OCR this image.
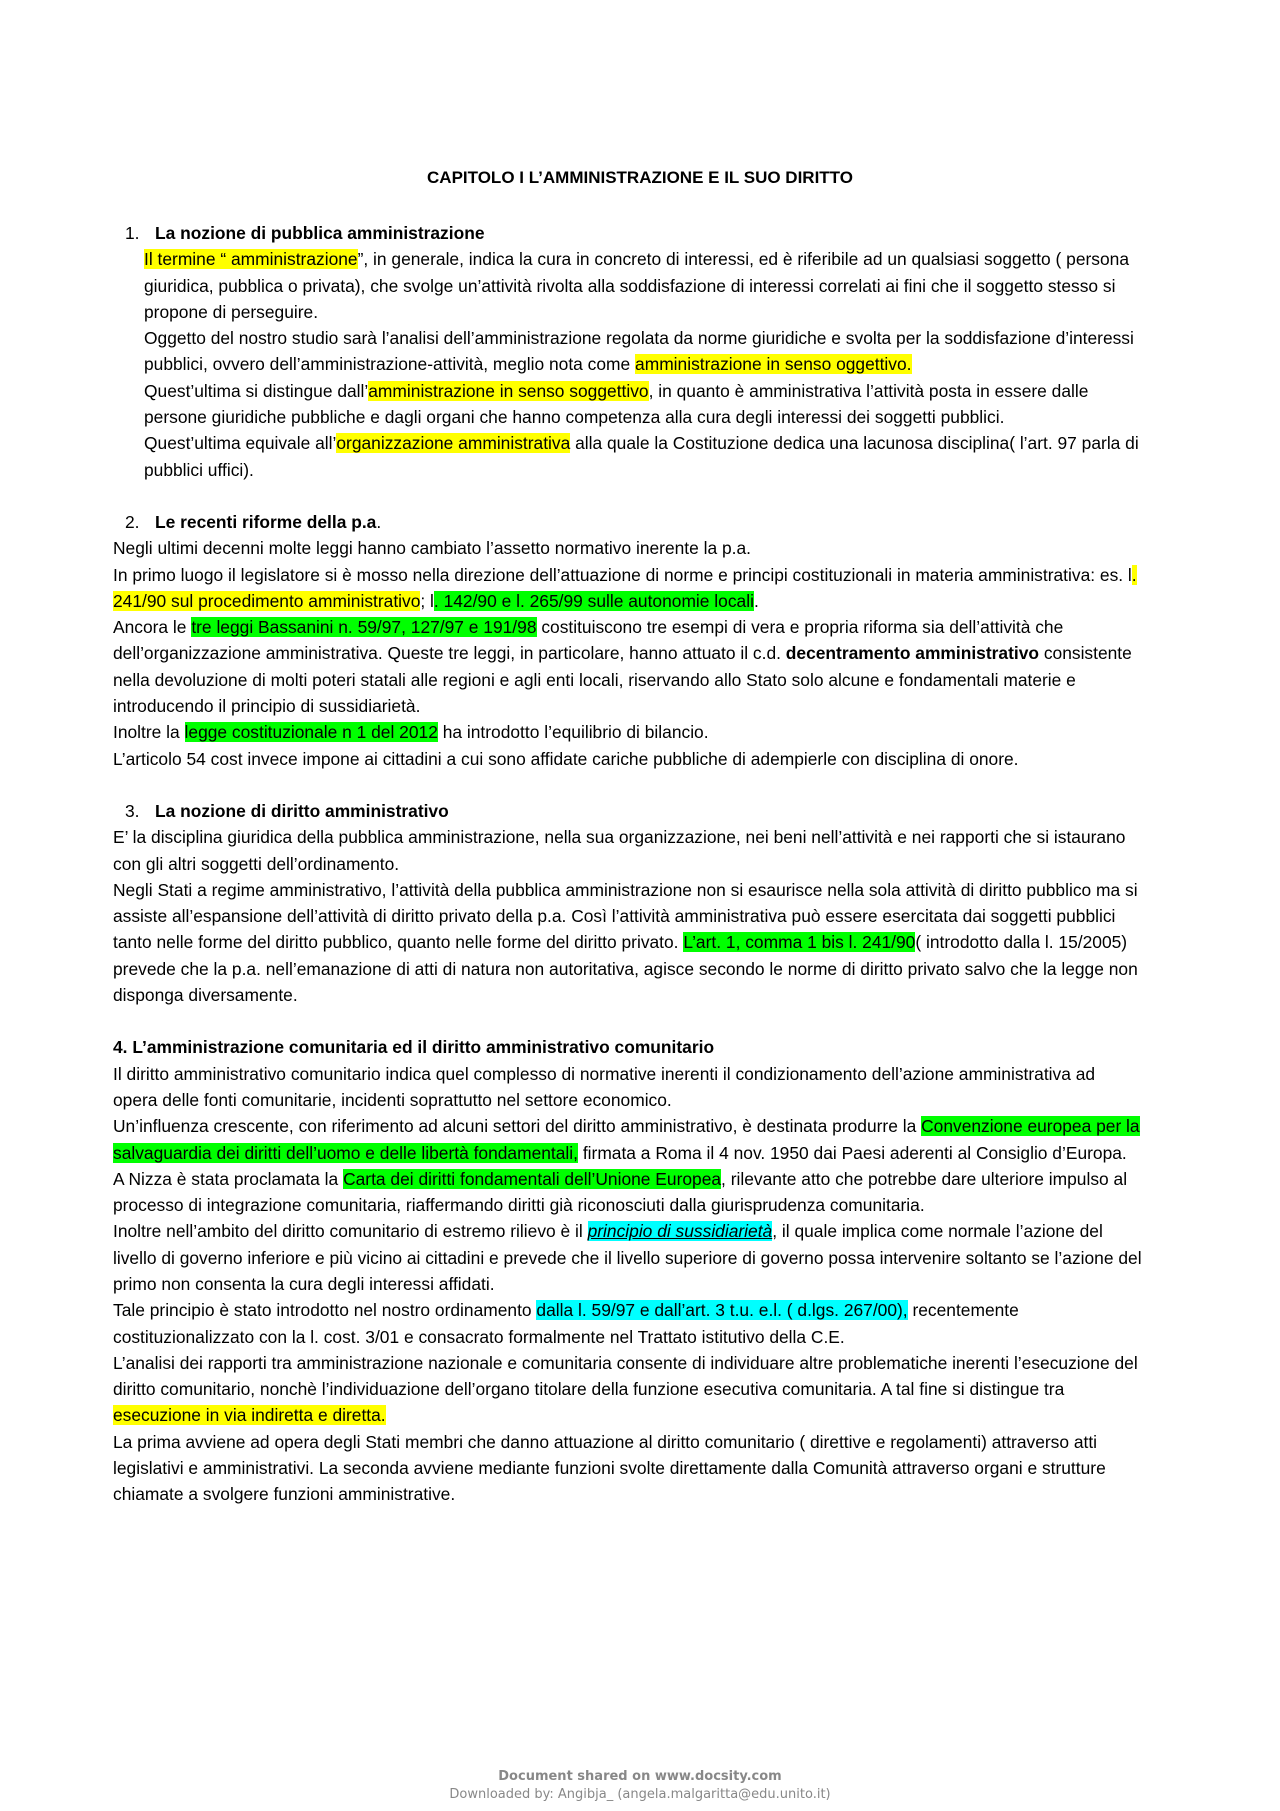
CAPITOLO I L’AMMINISTRAZIONE E IL SUO DIRITTO

1. La nozione di pubblica amministrazione

Il termine “ amministrazione”, in generale, indica la cura in concreto di interessi, ed è riferibile ad un qualsiasi soggetto ( persona giuridica, pubblica o privata), che svolge un’attività rivolta alla soddisfazione di interessi correlati ai fini che il soggetto stesso si propone di perseguire.

Oggetto del nostro studio sarà l’analisi dell’amministrazione regolata da norme giuridiche e svolta per la soddisfazione d’interessi pubblici, ovvero dell’amministrazione-attività, meglio nota come amministrazione in senso oggettivo.

Quest’ultima si distingue dall’amministrazione in senso soggettivo, in quanto è amministrativa l’attività posta in essere dalle persone giuridiche pubbliche e dagli organi che hanno competenza alla cura degli interessi dei soggetti pubblici.

Quest’ultima equivale all’organizzazione amministrativa alla quale la Costituzione dedica una lacunosa disciplina( l’art. 97 parla di pubblici uffici).

2. Le recenti riforme della p.a.

Negli ultimi decenni molte leggi hanno cambiato l’assetto normativo inerente la p.a.

In primo luogo il legislatore si è mosso nella direzione dell’attuazione di norme e principi costituzionali in materia amministrativa: es. l. 241/90 sul procedimento amministrativo; l. 142/90 e l. 265/99 sulle autonomie locali.

Ancora le tre leggi Bassanini n. 59/97, 127/97 e 191/98 costituiscono tre esempi di vera e propria riforma sia dell’attività che dell’organizzazione amministrativa. Queste tre leggi, in particolare, hanno attuato il c.d. decentramento amministrativo consistente nella devoluzione di molti poteri statali alle regioni e agli enti locali, riservando allo Stato solo alcune e fondamentali materie e introducendo il principio di sussidiarietà.

Inoltre la legge costituzionale n 1 del 2012 ha introdotto l’equilibrio di bilancio.

L’articolo 54 cost invece impone ai cittadini a cui sono affidate cariche pubbliche di adempierle con disciplina di onore.

3. La nozione di diritto amministrativo

E’ la disciplina giuridica della pubblica amministrazione, nella sua organizzazione, nei beni nell’attività e nei rapporti che si istaurano con gli altri soggetti dell’ordinamento.

Negli Stati a regime amministrativo, l’attività della pubblica amministrazione non si esaurisce nella sola attività di diritto pubblico ma si assiste all’espansione dell’attività di diritto privato della p.a. Così l’attività amministrativa può essere esercitata dai soggetti pubblici tanto nelle forme del diritto pubblico, quanto nelle forme del diritto privato. L’art. 1, comma 1 bis l. 241/90( introdotto dalla l. 15/2005) prevede che la p.a. nell’emanazione di atti di natura non autoritativa, agisce secondo le norme di diritto privato salvo che la legge non disponga diversamente.

4. L’amministrazione comunitaria ed il diritto amministrativo comunitario

Il diritto amministrativo comunitario indica quel complesso di normative inerenti il condizionamento dell’azione amministrativa ad opera delle fonti comunitarie, incidenti soprattutto nel settore economico.

Un’influenza crescente, con riferimento ad alcuni settori del diritto amministrativo, è destinata produrre la Convenzione europea per la salvaguardia dei diritti dell’uomo e delle libertà fondamentali, firmata a Roma il 4 nov. 1950 dai Paesi aderenti al Consiglio d’Europa.

A Nizza è stata proclamata la Carta dei diritti fondamentali dell’Unione Europea, rilevante atto che potrebbe dare ulteriore impulso al processo di integrazione comunitaria, riaffermando diritti già riconosciuti dalla giurisprudenza comunitaria.

Inoltre nell’ambito del diritto comunitario di estremo rilievo è il principio di sussidiarietà, il quale implica come normale l’azione del livello di governo inferiore e più vicino ai cittadini e prevede che il livello superiore di governo possa intervenire soltanto se l’azione del primo non consenta la cura degli interessi affidati.

Tale principio è stato introdotto nel nostro ordinamento dalla l. 59/97 e dall’art. 3 t.u. e.l. ( d.lgs. 267/00), recentemente costituzionalizzato con la l. cost. 3/01 e consacrato formalmente nel Trattato istitutivo della C.E.

L’analisi dei rapporti tra amministrazione nazionale e comunitaria consente di individuare altre problematiche inerenti l’esecuzione del diritto comunitario, nonchè l’individuazione dell’organo titolare della funzione esecutiva comunitaria. A tal fine si distingue tra esecuzione in via indiretta e diretta.

La prima avviene ad opera degli Stati membri che danno attuazione al diritto comunitario ( direttive e regolamenti) attraverso atti legislativi e amministrativi. La seconda avviene mediante funzioni svolte direttamente dalla Comunità attraverso organi e strutture chiamate a svolgere funzioni amministrative.

Document shared on www.docsity.com
Downloaded by: Angibja_ (angela.malgaritta@edu.unito.it)
